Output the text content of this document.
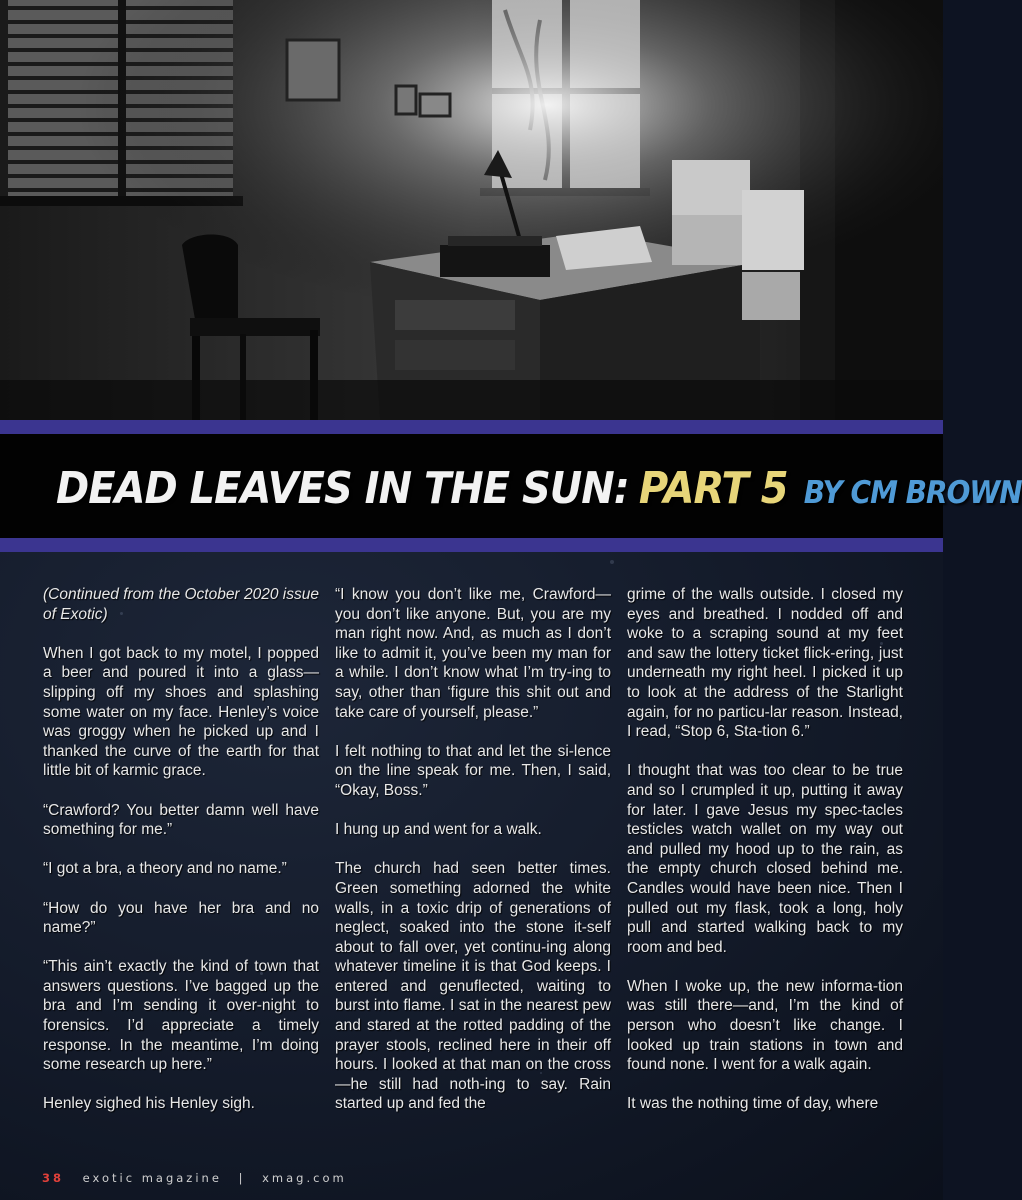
DEAD LEAVES IN THE SUN: PART 5 BY CM BROWN

(Continued from the October 2020 issue of Exotic)

When I got back to my motel, I popped a beer and poured it into a glass—slipping off my shoes and splashing some water on my face. Henley’s voice was groggy when he picked up and I thanked the curve of the earth for that little bit of karmic grace.

“Crawford? You better damn well have something for me.”

“I got a bra, a theory and no name.”

“How do you have her bra and no name?”

“This ain’t exactly the kind of town that answers questions. I’ve bagged up the bra and I’m sending it over-night to forensics. I’d appreciate a timely response. In the meantime, I’m doing some research up here.”

Henley sighed his Henley sigh.

“I know you don’t like me, Crawford—you don’t like anyone. But, you are my man right now. And, as much as I don’t like to admit it, you’ve been my man for a while. I don’t know what I’m try-ing to say, other than ‘figure this shit out and take care of yourself, please.”

I felt nothing to that and let the si-lence on the line speak for me. Then, I said, “Okay, Boss.”

I hung up and went for a walk.

The church had seen better times. Green something adorned the white walls, in a toxic drip of generations of neglect, soaked into the stone it-self about to fall over, yet continu-ing along whatever timeline it is that God keeps. I entered and genuflected, waiting to burst into flame. I sat in the nearest pew and stared at the rotted padding of the prayer stools, reclined here in their off hours. I looked at that man on the cross—he still had noth-ing to say. Rain started up and fed the

grime of the walls outside. I closed my eyes and breathed. I nodded off and woke to a scraping sound at my feet and saw the lottery ticket flick-ering, just underneath my right heel. I picked it up to look at the address of the Starlight again, for no particu-lar reason. Instead, I read, “Stop 6, Sta-tion 6.”

I thought that was too clear to be true and so I crumpled it up, putting it away for later. I gave Jesus my spec-tacles testicles watch wallet on my way out and pulled my hood up to the rain, as the empty church closed behind me. Candles would have been nice. Then I pulled out my flask, took a long, holy pull and started walking back to my room and bed.

When I woke up, the new informa-tion was still there—and, I’m the kind of person who doesn’t like change. I looked up train stations in town and found none. I went for a walk again.

It was the nothing time of day, where

38 exotic magazine | xmag.com
